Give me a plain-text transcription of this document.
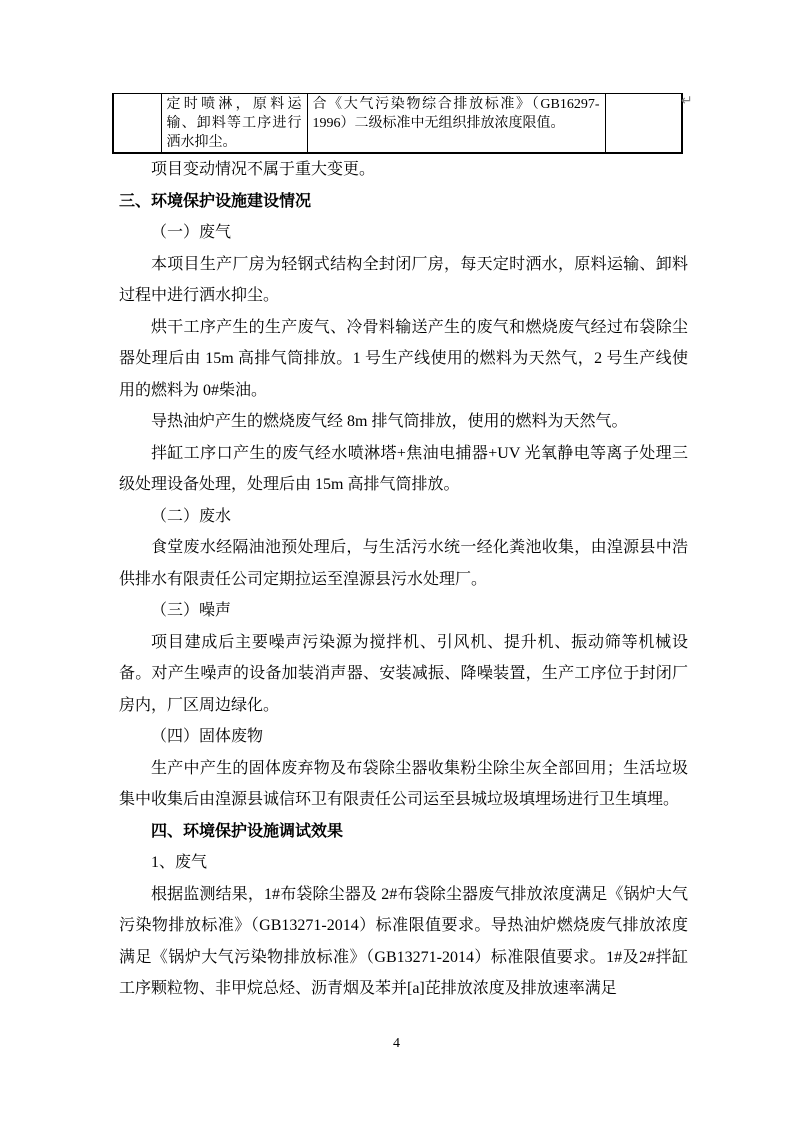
↵
	定时喷淋，原料运输、卸料等工序进行洒水抑尘。	合《大气污染物综合排放标准》（GB16297-1996）二级标准中无组织排放浓度限值。	
项目变动情况不属于重大变更。
三、环境保护设施建设情况
（一）废气
本项目生产厂房为轻钢式结构全封闭厂房，每天定时洒水，原料运输、卸料过程中进行洒水抑尘。
烘干工序产生的生产废气、冷骨料输送产生的废气和燃烧废气经过布袋除尘器处理后由 15m 高排气筒排放。1 号生产线使用的燃料为天然气，2 号生产线使用的燃料为 0#柴油。
导热油炉产生的燃烧废气经 8m 排气筒排放，使用的燃料为天然气。
拌缸工序口产生的废气经水喷淋塔+焦油电捕器+UV 光氧静电等离子处理三级处理设备处理，处理后由 15m 高排气筒排放。
（二）废水
食堂废水经隔油池预处理后，与生活污水统一经化粪池收集，由湟源县中浩供排水有限责任公司定期拉运至湟源县污水处理厂。
（三）噪声
项目建成后主要噪声污染源为搅拌机、引风机、提升机、振动筛等机械设备。对产生噪声的设备加装消声器、安装减振、降噪装置，生产工序位于封闭厂房内，厂区周边绿化。
（四）固体废物
生产中产生的固体废弃物及布袋除尘器收集粉尘除尘灰全部回用；生活垃圾集中收集后由湟源县诚信环卫有限责任公司运至县城垃圾填埋场进行卫生填埋。
四、环境保护设施调试效果
1、废气
根据监测结果，1#布袋除尘器及 2#布袋除尘器废气排放浓度满足《锅炉大气污染物排放标准》（GB13271-2014）标准限值要求。导热油炉燃烧废气排放浓度满足《锅炉大气污染物排放标准》（GB13271-2014）标准限值要求。1#及2#拌缸工序颗粒物、非甲烷总烃、沥青烟及苯并[a]芘排放浓度及排放速率满足
4
